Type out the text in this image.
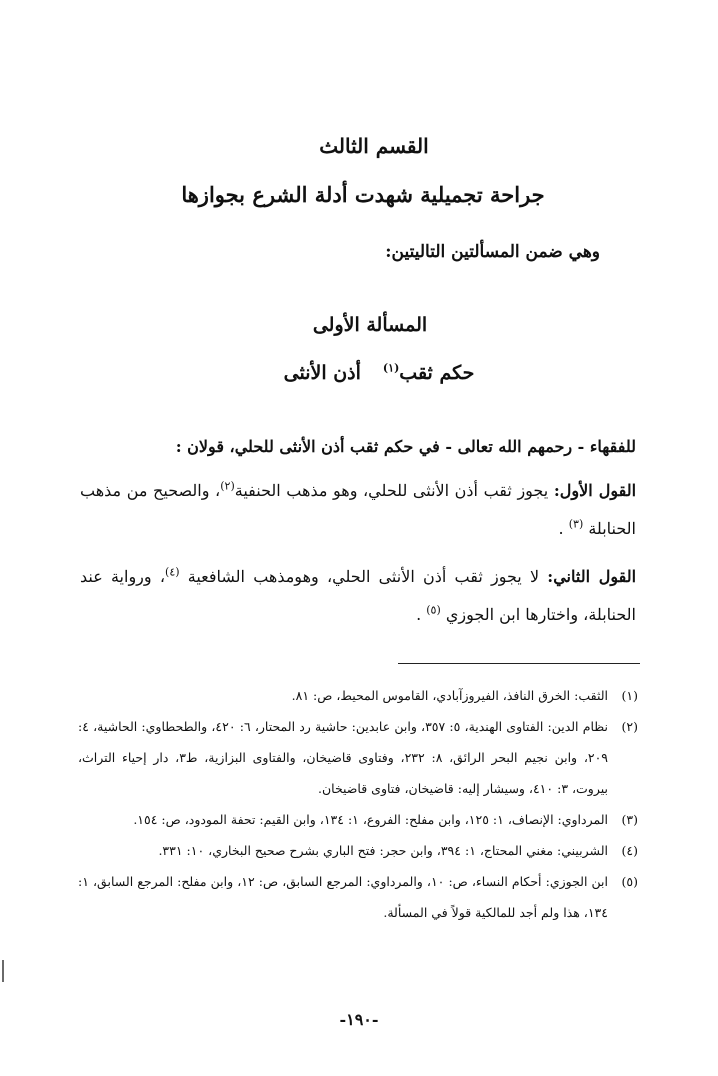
القسم الثالث
جراحة تجميلية شهدت أدلة الشرع بجوازها
وهي ضمن المسألتين التاليتين:
المسألة الأولى
حكم ثقب$^{(١)}$أذن الأنثى
للفقهاء - رحمهم الله تعالى - في حكم ثقب أذن الأنثى للحلي، قولان :
القول الأول: يجوز ثقب أذن الأنثى للحلي، وهو مذهب الحنفية$^{(٢)}$، والصحيح من مذهب الحنابلة $^{(٣)}$ .
القول الثاني: لا يجوز ثقب أذن الأنثى الحلي، وهومذهب الشافعية $^{(٤)}$، ورواية عند الحنابلة، واختارها ابن الجوزي $^{(٥)}$ .
(١)
الثقب: الخرق النافذ، الفيروزآبادي، القاموس المحيط، ص: ٨١.
(٢)
نظام الدين: الفتاوى الهندية، ٥: ٣٥٧، وابن عابدين: حاشية رد المحتار، ٦: ٤٢٠، والطحطاوي: الحاشية، ٤: ٢٠٩، وابن نجيم البحر الرائق، ٨: ٢٣٢، وفتاوى قاضيخان، والفتاوى البزازية، ط٣، دار إحياء التراث، بيروت، ٣: ٤١٠، وسيشار إليه: قاضيخان، فتاوى قاضيخان.
(٣)
المرداوي: الإنصاف، ١: ١٢٥، وابن مفلح: الفروع، ١: ١٣٤، وابن القيم: تحفة المودود، ص: ١٥٤.
(٤)
الشربيني: مغني المحتاج، ١: ٣٩٤، وابن حجر: فتح الباري بشرح صحيح البخاري، ١٠: ٣٣١.
(٥)
ابن الجوزي: أحكام النساء، ص: ١٠، والمرداوي: المرجع السابق، ص: ١٢، وابن مفلح: المرجع السابق، ١: ١٣٤، هذا ولم أجد للمالكية قولاً في المسألة.
-١٩٠-
